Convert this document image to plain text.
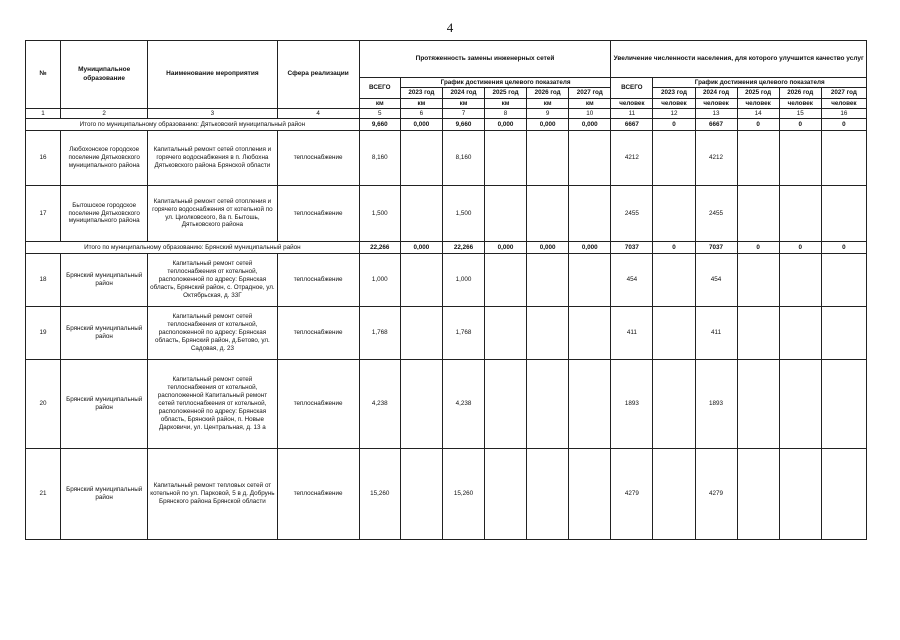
4
№	Муниципальное образование	Наименование мероприятия	Сфера реализации	Протяженность замены инженерных сетей						Увеличение численности населения, для которого улучшится качество услуг					
				ВСЕГО	График достижения целевого показателя					ВСЕГО	График достижения целевого показателя				
					2023 год	2024 год	2025 год	2026 год	2027 год		2023 год	2024 год	2025 год	2026 год	2027 год
				км	км	км	км	км	км	человек	человек	человек	человек	человек	человек
1	2	3	4	5	6	7	8	9	10	11	12	13	14	15	16
Итого по муниципальному образованию: Дятьковский муниципальный район				9,660	0,000	9,660	0,000	0,000	0,000	6667	0	6667	0	0	0
16	Любохонское городское поселение Дятьковского муниципального района	Капитальный ремонт сетей отопления и горячего водоснабжения в п. Любохна Дятьковского района Брянской области	теплоснабжение	8,160		8,160				4212		4212			
17	Бытошское городское поселение Дятьковского муниципального района	Капитальный ремонт сетей отопления и горячего водоснабжения от котельной по ул. Циолковского, 8а п. Бытошь, Дятьковского района	теплоснабжение	1,500		1,500				2455		2455			
Итого по муниципальному образованию: Брянский муниципальный район				22,266	0,000	22,266	0,000	0,000	0,000	7037	0	7037	0	0	0
18	Брянский муниципальный район	Капитальный ремонт сетей теплоснабжения от котельной, расположенной по адресу: Брянская область, Брянский район, с. Отрадное, ул. Октябрьская, д. 33Г	теплоснабжение	1,000		1,000				454		454			
19	Брянский муниципальный район	Капитальный ремонт сетей теплоснабжения от котельной, расположенной по адресу: Брянская область, Брянский район, д.Бетово, ул. Садовая, д. 23	теплоснабжение	1,768		1,768				411		411			
20	Брянский муниципальный район	Капитальный ремонт сетей теплоснабжения от котельной, расположенной Капитальный ремонт сетей теплоснабжения от котельной, расположенной по адресу: Брянская область, Брянский район, п. Новые Дарковичи, ул. Центральная, д. 13 а	теплоснабжение	4,238		4,238				1893		1893			
21	Брянский муниципальный район	Капитальный ремонт тепловых сетей от котельной по ул. Парковой, 5 в д. Добрунь Брянского района Брянской области	теплоснабжение	15,260		15,260				4279		4279			
